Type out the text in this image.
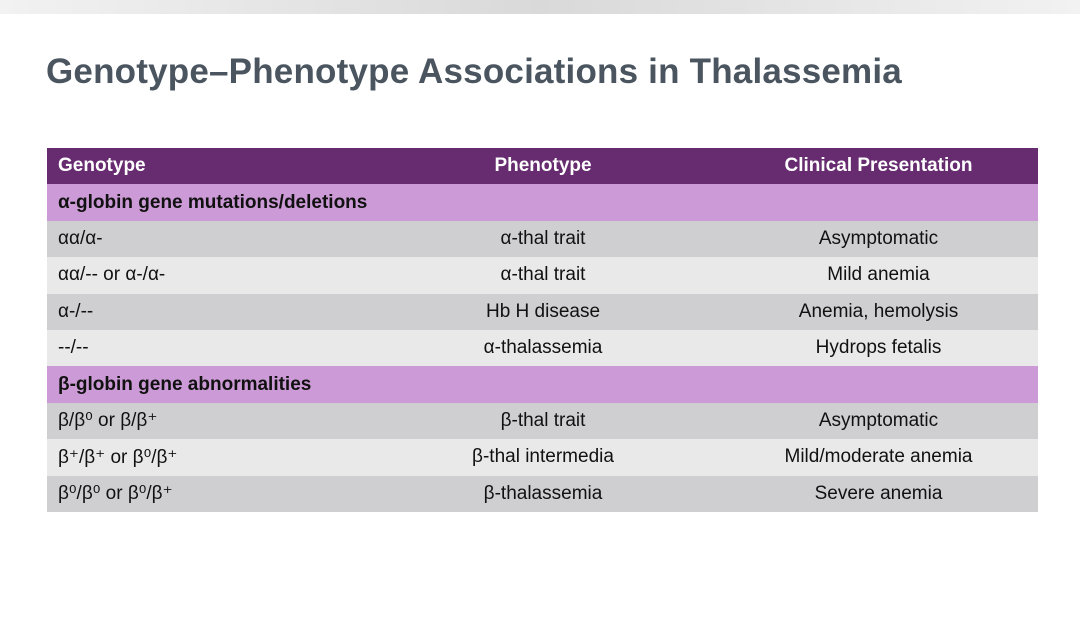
Genotype–Phenotype Associations in Thalassemia
Genotype	Phenotype	Clinical Presentation
α-globin gene mutations/deletions		
αα/α-	α-thal trait	Asymptomatic
αα/-- or α-/α-	α-thal trait	Mild anemia
α-/--	Hb H disease	Anemia, hemolysis
--/--	α-thalassemia	Hydrops fetalis
β-globin gene abnormalities		
β/β⁰ or β/β⁺	β-thal trait	Asymptomatic
β⁺/β⁺ or β⁰/β⁺	β-thal intermedia	Mild/moderate anemia
β⁰/β⁰ or β⁰/β⁺	β-thalassemia	Severe anemia
